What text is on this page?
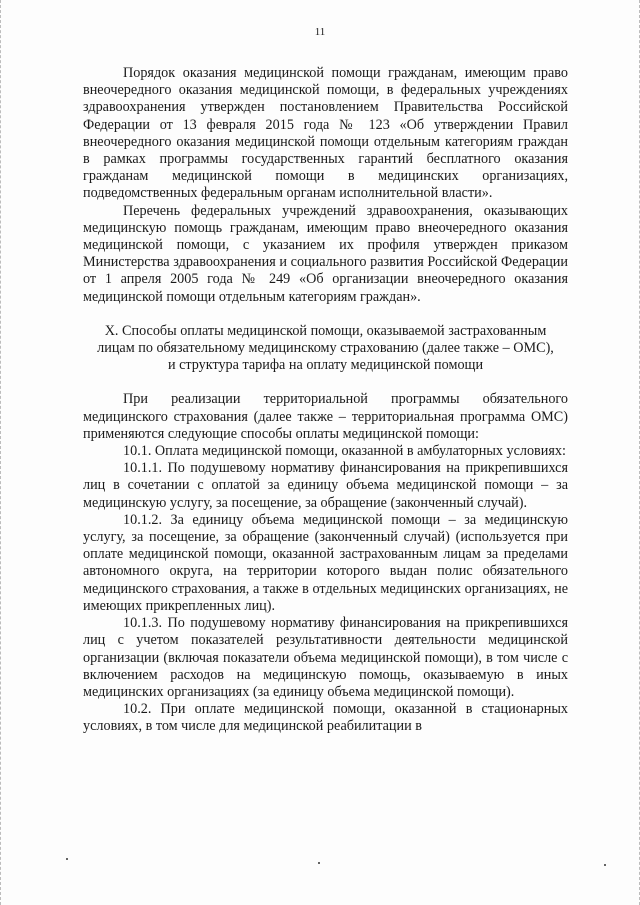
11

Порядок оказания медицинской помощи гражданам, имеющим право внеочередного оказания медицинской помощи, в федеральных учреждениях здравоохранения утвержден постановлением Правительства Российской Федерации от 13 февраля 2015 года № 123 «Об утверждении Правил внеочередного оказания медицинской помощи отдельным категориям граждан в рамках программы государственных гарантий бесплатного оказания гражданам медицинской помощи в медицинских организациях, подведомственных федеральным органам исполнительной власти».

Перечень федеральных учреждений здравоохранения, оказывающих медицинскую помощь гражданам, имеющим право внеочередного оказания медицинской помощи, с указанием их профиля утвержден приказом Министерства здравоохранения и социального развития Российской Федерации от 1 апреля 2005 года № 249 «Об организации внеочередного оказания медицинской помощи отдельным категориям граждан».

X. Способы оплаты медицинской помощи, оказываемой застрахованным
лицам по обязательному медицинскому страхованию (далее также – ОМС),
и структура тарифа на оплату медицинской помощи

При реализации территориальной программы обязательного медицинского страхования (далее также – территориальная программа ОМС) применяются следующие способы оплаты медицинской помощи:

10.1. Оплата медицинской помощи, оказанной в амбулаторных условиях:

10.1.1. По подушевому нормативу финансирования на прикрепившихся лиц в сочетании с оплатой за единицу объема медицинской помощи – за медицинскую услугу, за посещение, за обращение (законченный случай).

10.1.2. За единицу объема медицинской помощи – за медицинскую услугу, за посещение, за обращение (законченный случай) (используется при оплате медицинской помощи, оказанной застрахованным лицам за пределами автономного округа, на территории которого выдан полис обязательного медицинского страхования, а также в отдельных медицинских организациях, не имеющих прикрепленных лиц).

10.1.3. По подушевому нормативу финансирования на прикрепившихся лиц с учетом показателей результативности деятельности медицинской организации (включая показатели объема медицинской помощи), в том числе с включением расходов на медицинскую помощь, оказываемую в иных медицинских организациях (за единицу объема медицинской помощи).

10.2. При оплате медицинской помощи, оказанной в стационарных условиях, в том числе для медицинской реабилитации в
